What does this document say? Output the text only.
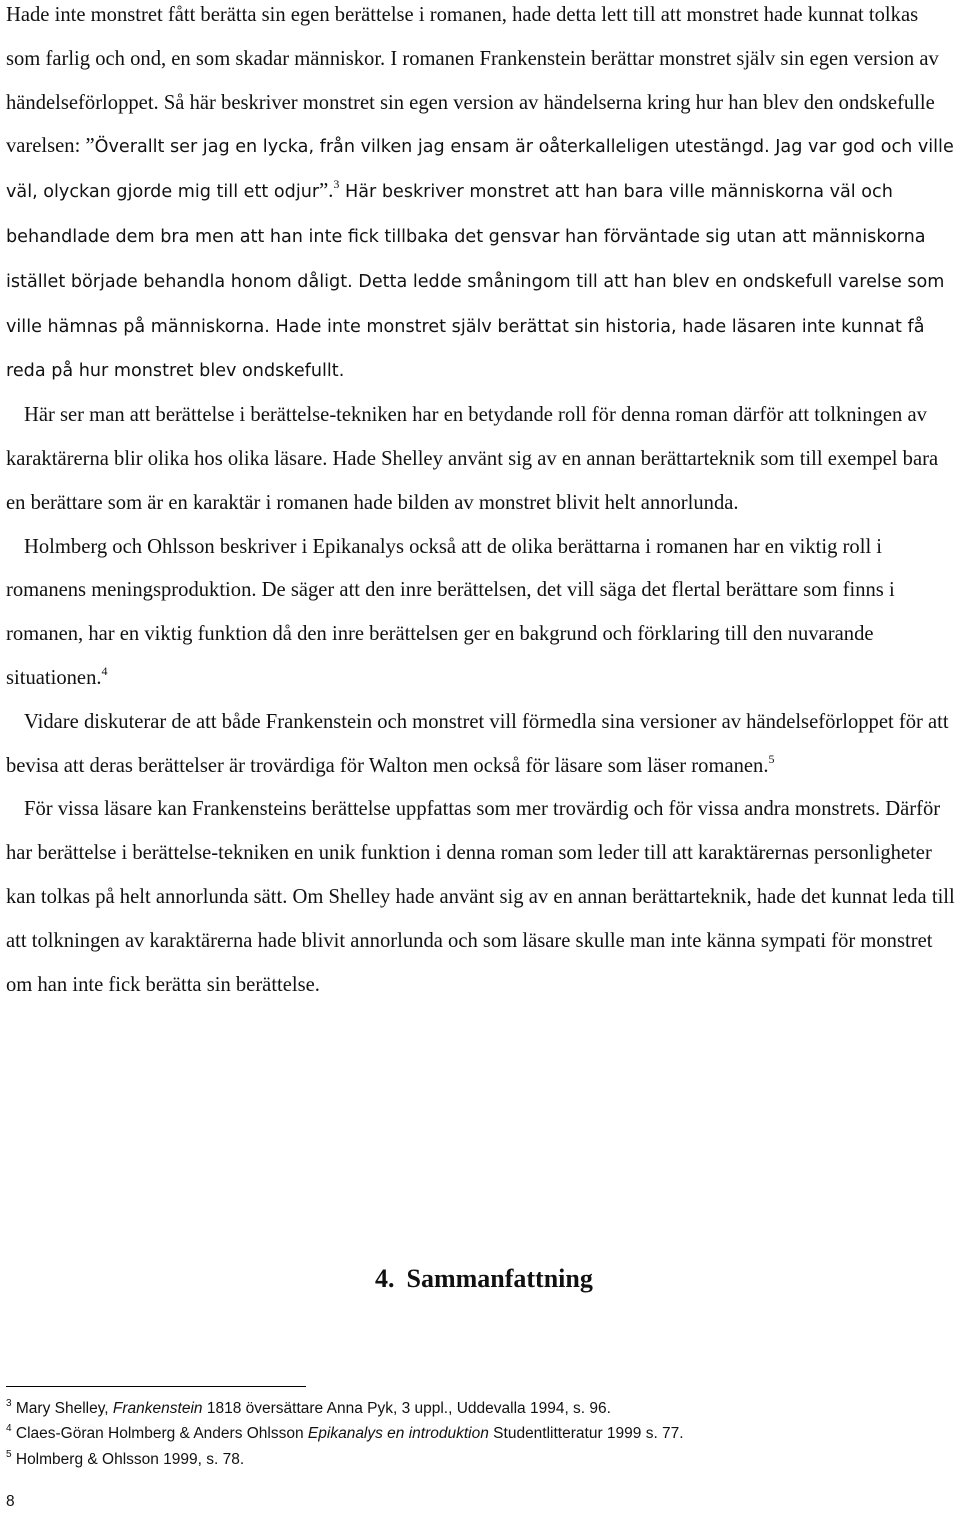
Hade inte monstret fått berätta sin egen berättelse i romanen, hade detta lett till att monstret hade kunnat tolkas som farlig och ond, en som skadar människor. I romanen Frankenstein berättar monstret själv sin egen version av händelseförloppet. Så här beskriver monstret sin egen version av händelserna kring hur han blev den ondskefulle varelsen: ”Överallt ser jag en lycka, från vilken jag ensam är oåterkalleligen utestängd. Jag var god och ville väl, olyckan gjorde mig till ett odjur”.$^3$ Här beskriver monstret att han bara ville människorna väl och behandlade dem bra men att han inte fick tillbaka det gensvar han förväntade sig utan att människorna istället började behandla honom dåligt. Detta ledde småningom till att han blev en ondskefull varelse som ville hämnas på människorna. Hade inte monstret själv berättat sin historia, hade läsaren inte kunnat få reda på hur monstret blev ondskefullt.

Här ser man att berättelse i berättelse-tekniken har en betydande roll för denna roman därför att tolkningen av karaktärerna blir olika hos olika läsare. Hade Shelley använt sig av en annan berättarteknik som till exempel bara en berättare som är en karaktär i romanen hade bilden av monstret blivit helt annorlunda.

Holmberg och Ohlsson beskriver i Epikanalys också att de olika berättarna i romanen har en viktig roll i romanens meningsproduktion. De säger att den inre berättelsen, det vill säga det flertal berättare som finns i romanen, har en viktig funktion då den inre berättelsen ger en bakgrund och förklaring till den nuvarande situationen.$^4$

Vidare diskuterar de att både Frankenstein och monstret vill förmedla sina versioner av händelseförloppet för att bevisa att deras berättelser är trovärdiga för Walton men också för läsare som läser romanen.$^5$

För vissa läsare kan Frankensteins berättelse uppfattas som mer trovärdig och för vissa andra monstrets. Därför har berättelse i berättelse-tekniken en unik funktion i denna roman som leder till att karaktärernas personligheter kan tolkas på helt annorlunda sätt. Om Shelley hade använt sig av en annan berättarteknik, hade det kunnat leda till att tolkningen av karaktärerna hade blivit annorlunda och som läsare skulle man inte känna sympati för monstret om han inte fick berätta sin berättelse.

4. Sammanfattning

$^3$ Mary Shelley, Frankenstein 1818 översättare Anna Pyk, 3 uppl., Uddevalla 1994, s. 96.

$^4$ Claes-Göran Holmberg & Anders Ohlsson Epikanalys en introduktion Studentlitteratur 1999 s. 77.

$^5$ Holmberg & Ohlsson 1999, s. 78.

8
